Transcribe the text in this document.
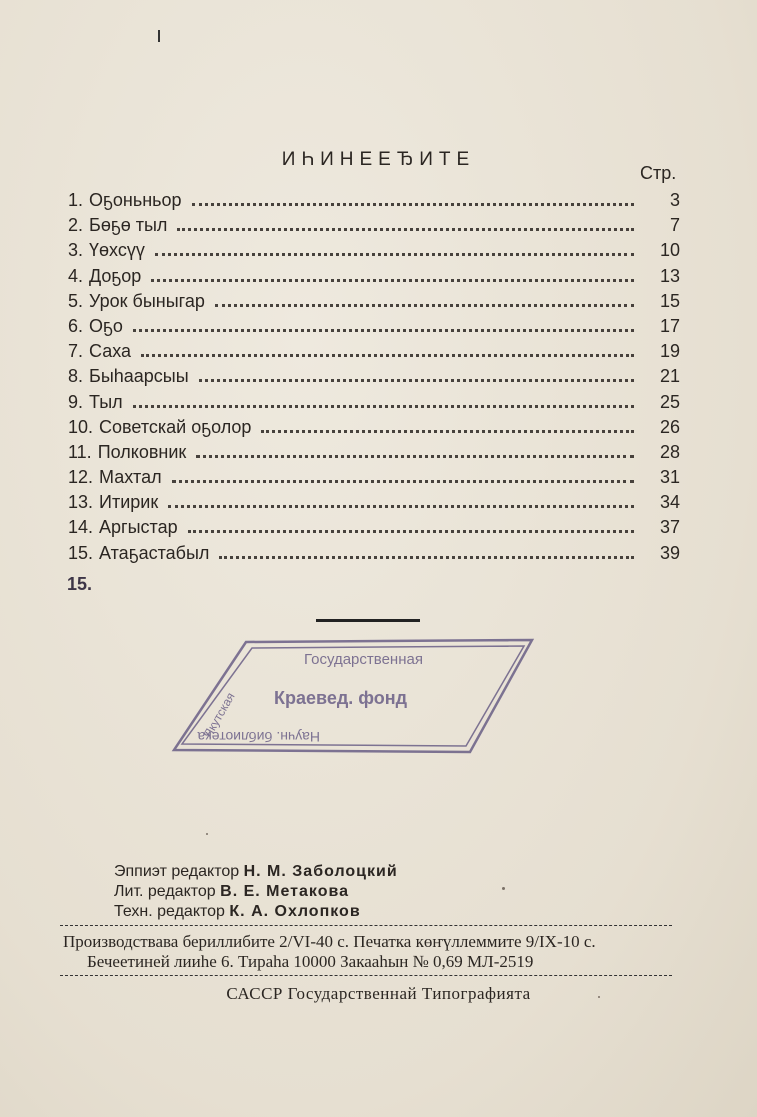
ИҺИНЕЕЂИТЕ
Стр.
1. Оҕоньньор	3
2. Бөҕө тыл	7
3. Үөхсүү	10
4. Доҕор	13
5. Урок быныгар	15
6. Оҕо	17
7. Саха	19
8. Быһаарсыы	21
9. Тыл	25
10. Советскай оҕолор	26
11. Полковник	28
12. Махтал	31
13. Итирик	34
14. Аргыстар	37
15. Атаҕастабыл	39
15.
Государственная
Краевед. фонд
Якутская
Научн. библиотека
Эппиэт редактор Н. М. Заболоцкий
Лит. редактор В. Е. Метакова
Техн. редактор К. А. Охлопков
Производствава бериллибите 2/VI-40 с. Печатка көҥүллеммите 9/IX-10 с.
Бечеетиней лииһе 6. Тираһа 10000 Закааһын № 0,69 МЛ-2519
САССР Государственнай Типографията
